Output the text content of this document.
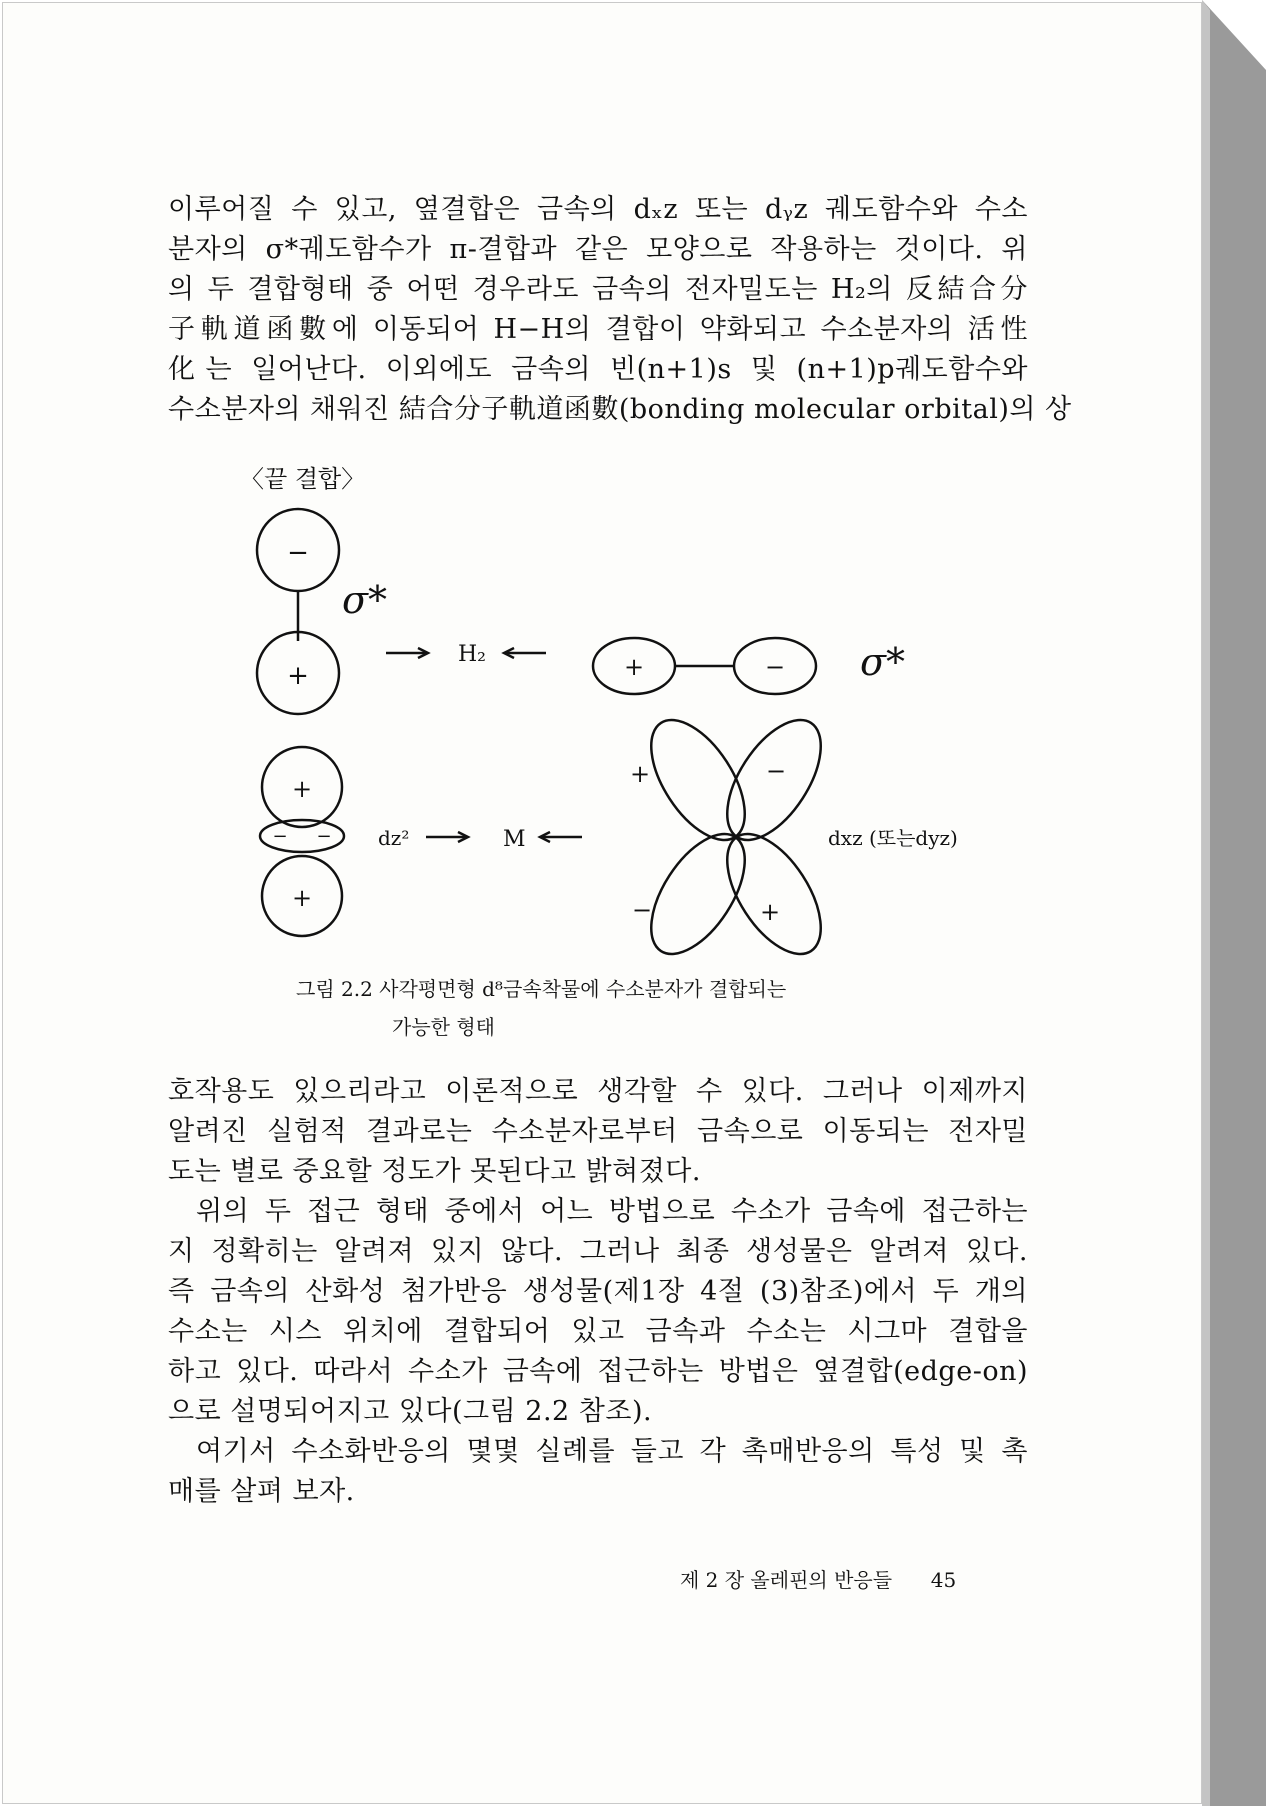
이루어질 수 있고, 옆결합은 금속의 dₓz 또는 dᵧz 궤도함수와 수소
분자의 σ*궤도함수가 π-결합과 같은 모양으로 작용하는 것이다. 위
의 두 결합형태 중 어떤 경우라도 금속의 전자밀도는 H₂의 反結合分
子軌道函數에 이동되어 H−H의 결합이 약화되고 수소분자의 活性
化는 일어난다. 이외에도 금속의 빈(n+1)s 및 (n+1)p궤도함수와
수소분자의 채워진 結合分子軌道函數(bonding molecular orbital)의 상
〈끝 결합〉
−
+
σ*
H₂	+	− σ*
+
− −
+
dz²	M
+	−
−	+
dxz (또는dyz)
그림 2.2 사각평면형 d⁸금속착물에 수소분자가 결합되는
가능한 형태
호작용도 있으리라고 이론적으로 생각할 수 있다. 그러나 이제까지
알려진 실험적 결과로는 수소분자로부터 금속으로 이동되는 전자밀
도는 별로 중요할 정도가 못된다고 밝혀졌다.
위의 두 접근 형태 중에서 어느 방법으로 수소가 금속에 접근하는
지 정확히는 알려져 있지 않다. 그러나 최종 생성물은 알려져 있다.
즉 금속의 산화성 첨가반응 생성물(제1장 4절 (3)참조)에서 두 개의
수소는 시스 위치에 결합되어 있고 금속과 수소는 시그마 결합을
하고 있다. 따라서 수소가 금속에 접근하는 방법은 옆결합(edge-on)
으로 설명되어지고 있다(그림 2.2 참조).
여기서 수소화반응의 몇몇 실례를 들고 각 촉매반응의 특성 및 촉
매를 살펴 보자.
제 2 장 올레핀의 반응들 45
